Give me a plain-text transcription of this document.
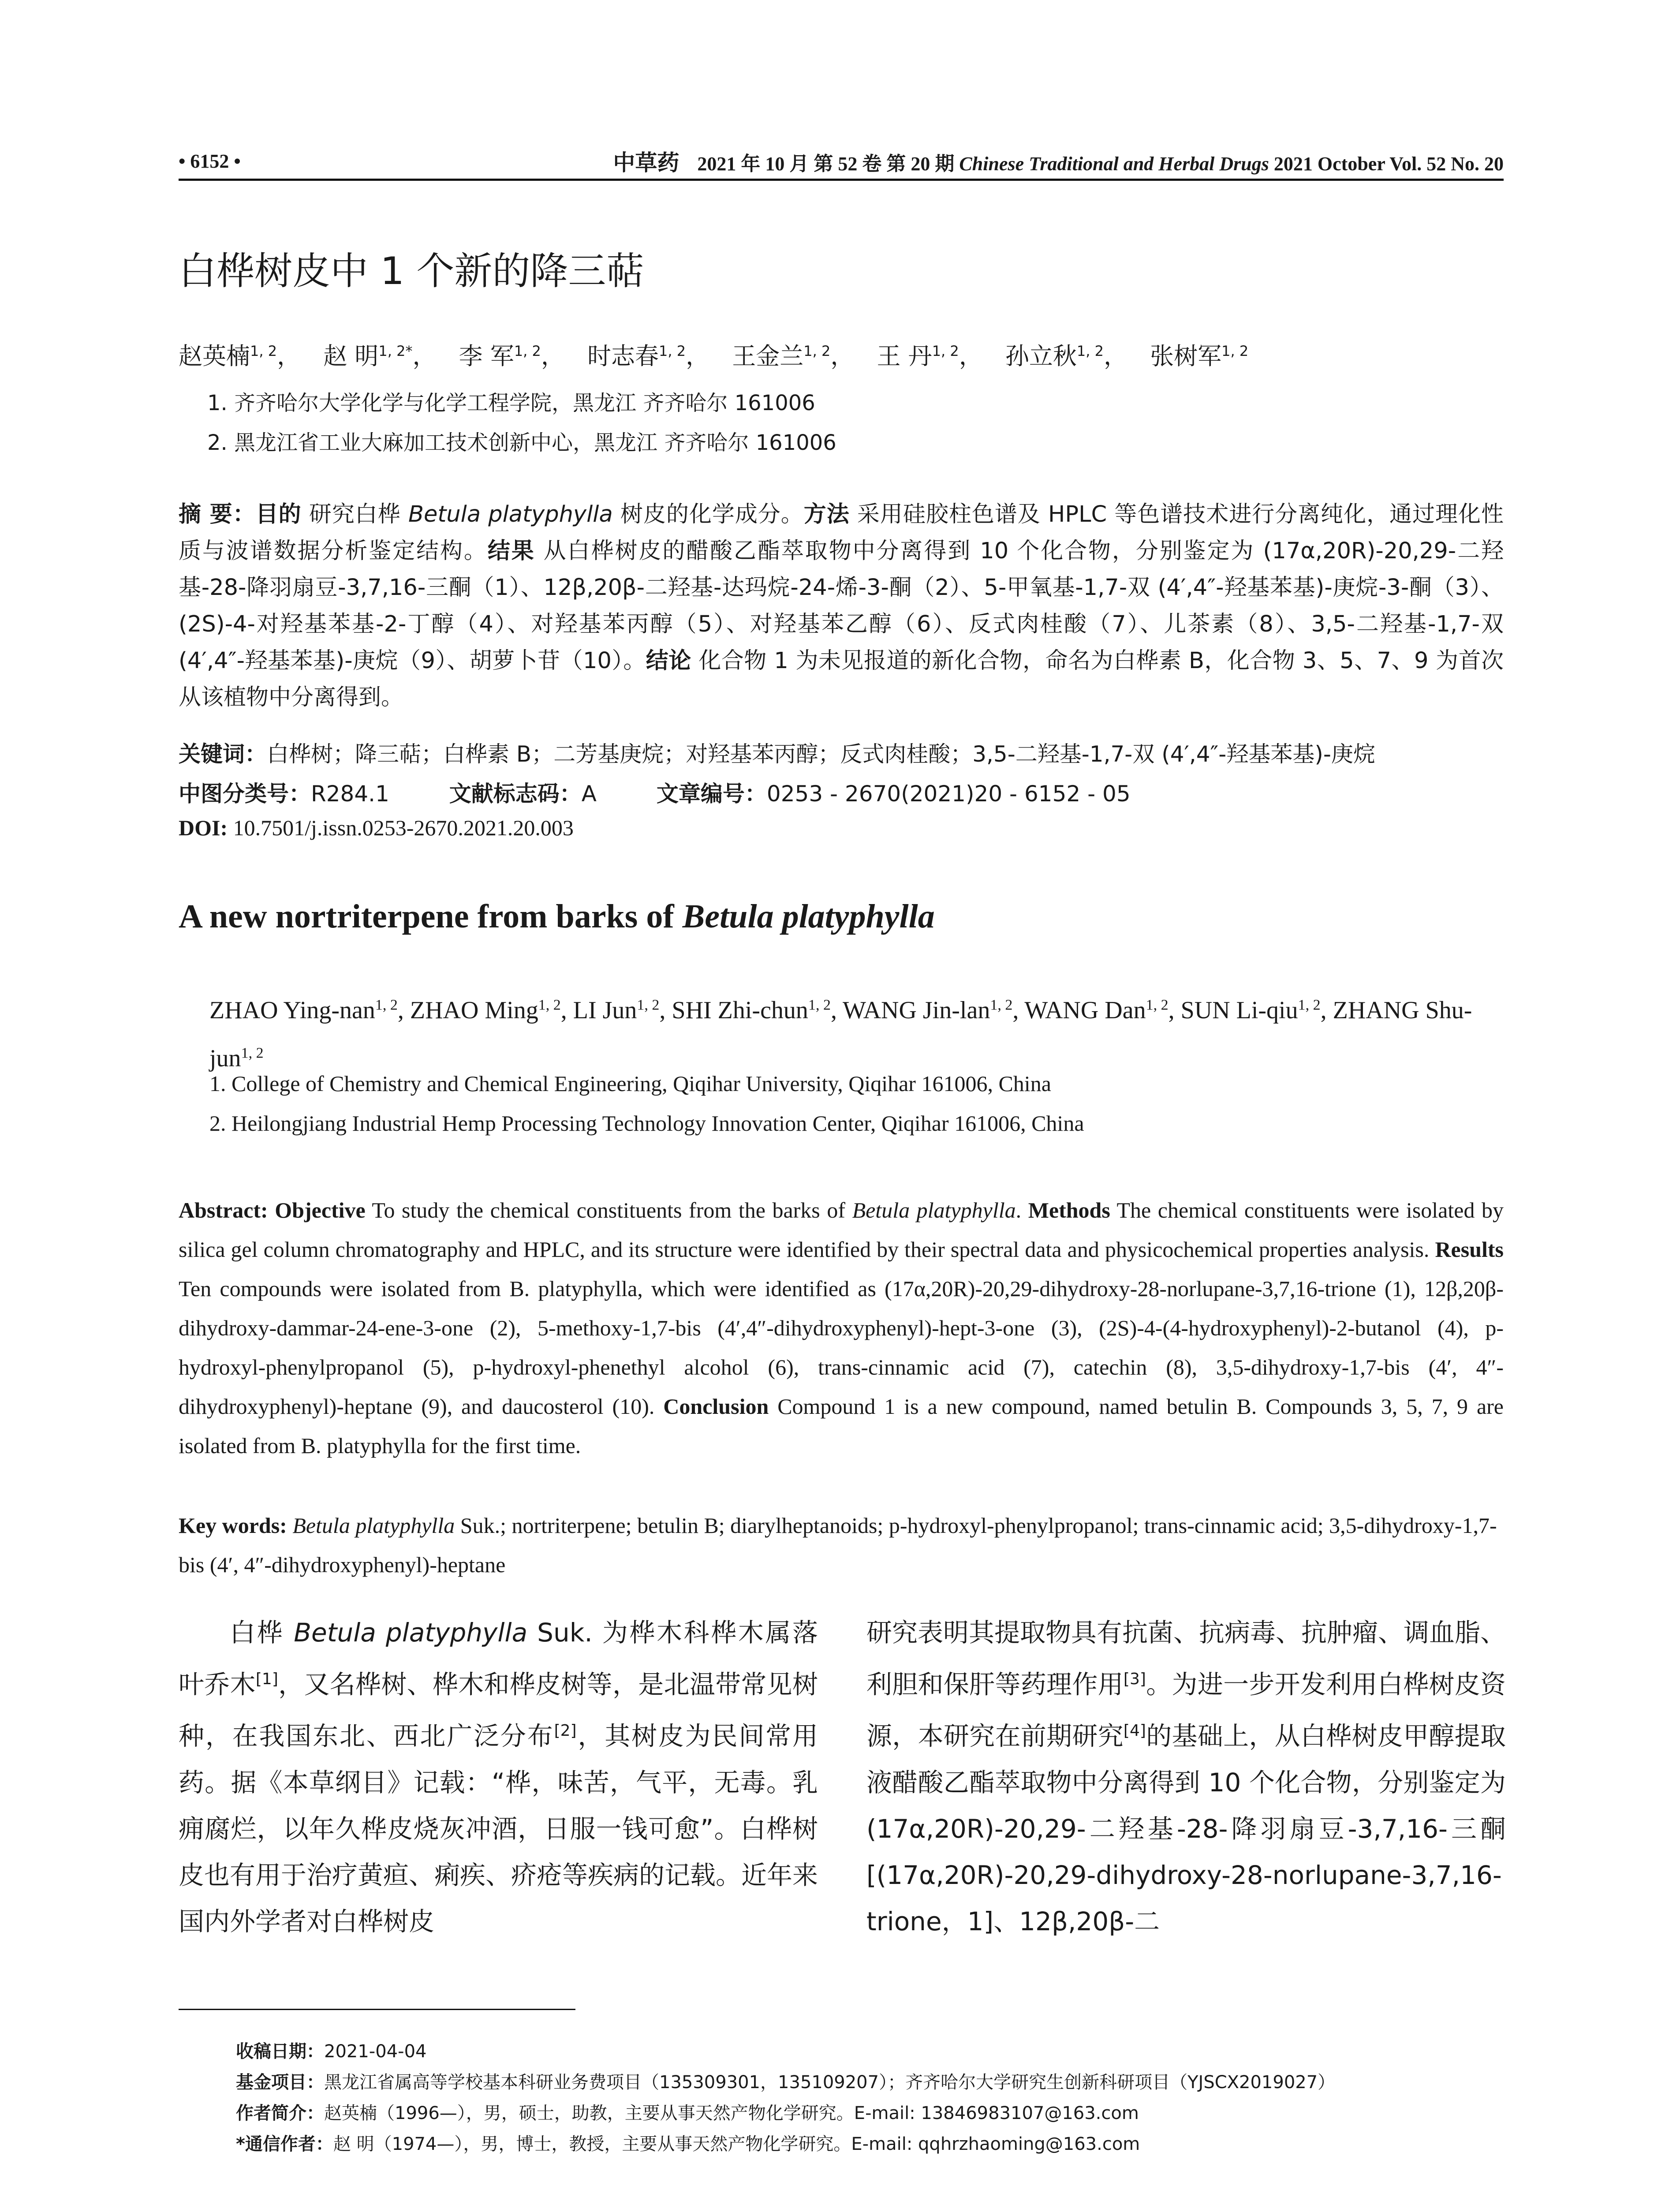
• 6152 •	中草药 2021 年 10 月 第 52 卷 第 20 期 Chinese Traditional and Herbal Drugs 2021 October Vol. 52 No. 20
白桦树皮中 1 个新的降三萜
赵英楠$^{1, 2}$， 赵 明$^{1, 2*}$， 李 军$^{1, 2}$， 时志春$^{1, 2}$， 王金兰$^{1, 2}$， 王 丹$^{1, 2}$， 孙立秋$^{1, 2}$， 张树军$^{1, 2}$
1. 齐齐哈尔大学化学与化学工程学院，黑龙江 齐齐哈尔 161006
2. 黑龙江省工业大麻加工技术创新中心，黑龙江 齐齐哈尔 161006
摘 要：目的 研究白桦 Betula platyphylla 树皮的化学成分。方法 采用硅胶柱色谱及 HPLC 等色谱技术进行分离纯化，通过理化性质与波谱数据分析鉴定结构。结果 从白桦树皮的醋酸乙酯萃取物中分离得到 10 个化合物，分别鉴定为 (17α,20R)-20,29-二羟基-28-降羽扇豆-3,7,16-三酮（1）、12β,20β-二羟基-达玛烷-24-烯-3-酮（2）、5-甲氧基-1,7-双 (4′,4″-羟基苯基)-庚烷-3-酮（3）、(2S)-4-对羟基苯基-2-丁醇（4）、对羟基苯丙醇（5）、对羟基苯乙醇（6）、反式肉桂酸（7）、儿茶素（8）、3,5-二羟基-1,7-双 (4′,4″-羟基苯基)-庚烷（9）、胡萝卜苷（10）。结论 化合物 1 为未见报道的新化合物，命名为白桦素 B，化合物 3、5、7、9 为首次从该植物中分离得到。
关键词：白桦树；降三萜；白桦素 B；二芳基庚烷；对羟基苯丙醇；反式肉桂酸；3,5-二羟基-1,7-双 (4′,4″-羟基苯基)-庚烷
中图分类号：R284.1	文献标志码：A	文章编号：0253 - 2670(2021)20 - 6152 - 05
DOI: 10.7501/j.issn.0253-2670.2021.20.003
A new nortriterpene from barks of Betula platyphylla
ZHAO Ying-nan$^{1, 2}$, ZHAO Ming$^{1, 2}$, LI Jun$^{1, 2}$, SHI Zhi-chun$^{1, 2}$, WANG Jin-lan$^{1, 2}$, WANG Dan$^{1, 2}$, SUN Li-qiu$^{1, 2}$, ZHANG Shu-jun$^{1, 2}$
1. College of Chemistry and Chemical Engineering, Qiqihar University, Qiqihar 161006, China
2. Heilongjiang Industrial Hemp Processing Technology Innovation Center, Qiqihar 161006, China
Abstract: Objective To study the chemical constituents from the barks of Betula platyphylla. Methods The chemical constituents were isolated by silica gel column chromatography and HPLC, and its structure were identified by their spectral data and physicochemical properties analysis. Results Ten compounds were isolated from B. platyphylla, which were identified as (17α,20R)-20,29-dihydroxy-28-norlupane-3,7,16-trione (1), 12β,20β-dihydroxy-dammar-24-ene-3-one (2), 5-methoxy-1,7-bis (4′,4″-dihydroxyphenyl)-hept-3-one (3), (2S)-4-(4-hydroxyphenyl)-2-butanol (4), p-hydroxyl-phenylpropanol (5), p-hydroxyl-phenethyl alcohol (6), trans-cinnamic acid (7), catechin (8), 3,5-dihydroxy-1,7-bis (4′, 4″-dihydroxyphenyl)-heptane (9), and daucosterol (10). Conclusion Compound 1 is a new compound, named betulin B. Compounds 3, 5, 7, 9 are isolated from B. platyphylla for the first time.
Key words: Betula platyphylla Suk.; nortriterpene; betulin B; diarylheptanoids; p-hydroxyl-phenylpropanol; trans-cinnamic acid; 3,5-dihydroxy-1,7-bis (4′, 4″-dihydroxyphenyl)-heptane
白桦 Betula platyphylla Suk. 为桦木科桦木属落叶乔木[1]，又名桦树、桦木和桦皮树等，是北温带常见树种，在我国东北、西北广泛分布[2]，其树皮为民间常用药。据《本草纲目》记载：“桦，味苦，气平，无毒。乳痈腐烂，以年久桦皮烧灰冲酒，日服一钱可愈”。白桦树皮也有用于治疗黄疸、痢疾、疥疮等疾病的记载。近年来国内外学者对白桦树皮
研究表明其提取物具有抗菌、抗病毒、抗肿瘤、调血脂、利胆和保肝等药理作用[3]。为进一步开发利用白桦树皮资源，本研究在前期研究[4]的基础上，从白桦树皮甲醇提取液醋酸乙酯萃取物中分离得到 10 个化合物，分别鉴定为 (17α,20R)-20,29-二羟基-28-降羽扇豆-3,7,16-三酮 [(17α,20R)-20,29-dihydroxy-28-norlupane-3,7,16-trione，1]、12β,20β-二
收稿日期：2021-04-04
基金项目：黑龙江省属高等学校基本科研业务费项目（135309301，135109207）；齐齐哈尔大学研究生创新科研项目（YJSCX2019027）
作者简介：赵英楠（1996—），男，硕士，助教，主要从事天然产物化学研究。E-mail: 13846983107@163.com
*通信作者：赵 明（1974—），男，博士，教授，主要从事天然产物化学研究。E-mail: qqhrzhaoming@163.com
